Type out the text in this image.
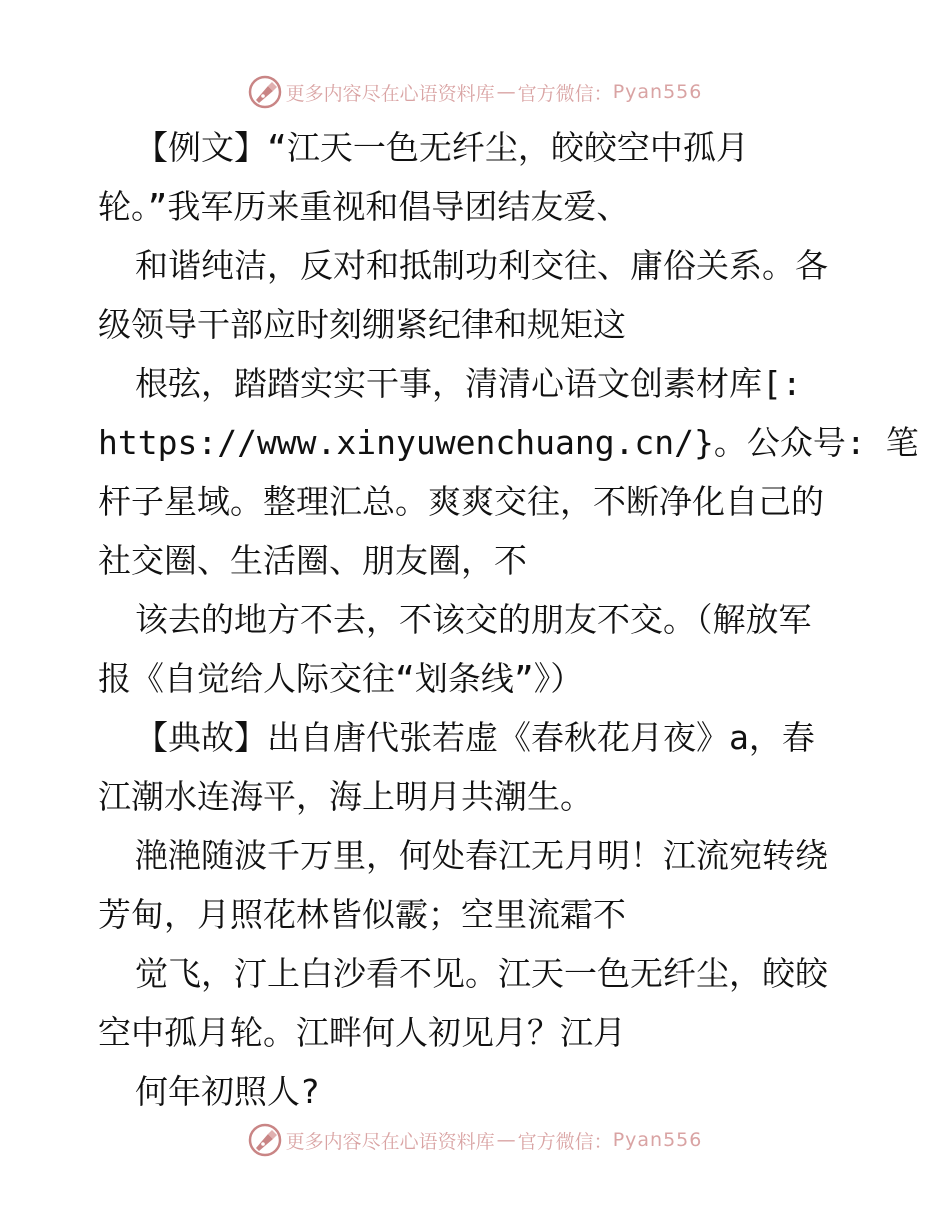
更多内容尽在心语资料库 — 官方微信： Pyan556
【例文】“江天一色无纤尘，皎皎空中孤月
轮。”我军历来重视和倡导团结友爱、
和谐纯洁，反对和抵制功利交往、庸俗关系。各
级领导干部应时刻绷紧纪律和规矩这
根弦，踏踏实实干事，清清心语文创素材库[:
https://www.xinyuwenchuang.cn/}。公众号: 笔
杆子星域。整理汇总。爽爽交往，不断净化自己的
社交圈、生活圈、朋友圈，不
该去的地方不去，不该交的朋友不交。（解放军
报《自觉给人际交往“划条线”》）
【典故】出自唐代张若虚《春秋花月夜》a，春
江潮水连海平，海上明月共潮生。
滟滟随波千万里，何处春江无月明！江流宛转绕
芳甸，月照花林皆似霰；空里流霜不
觉飞，汀上白沙看不见。江天一色无纤尘，皎皎
空中孤月轮。江畔何人初见月？江月
何年初照人?
更多内容尽在心语资料库 — 官方微信： Pyan556
